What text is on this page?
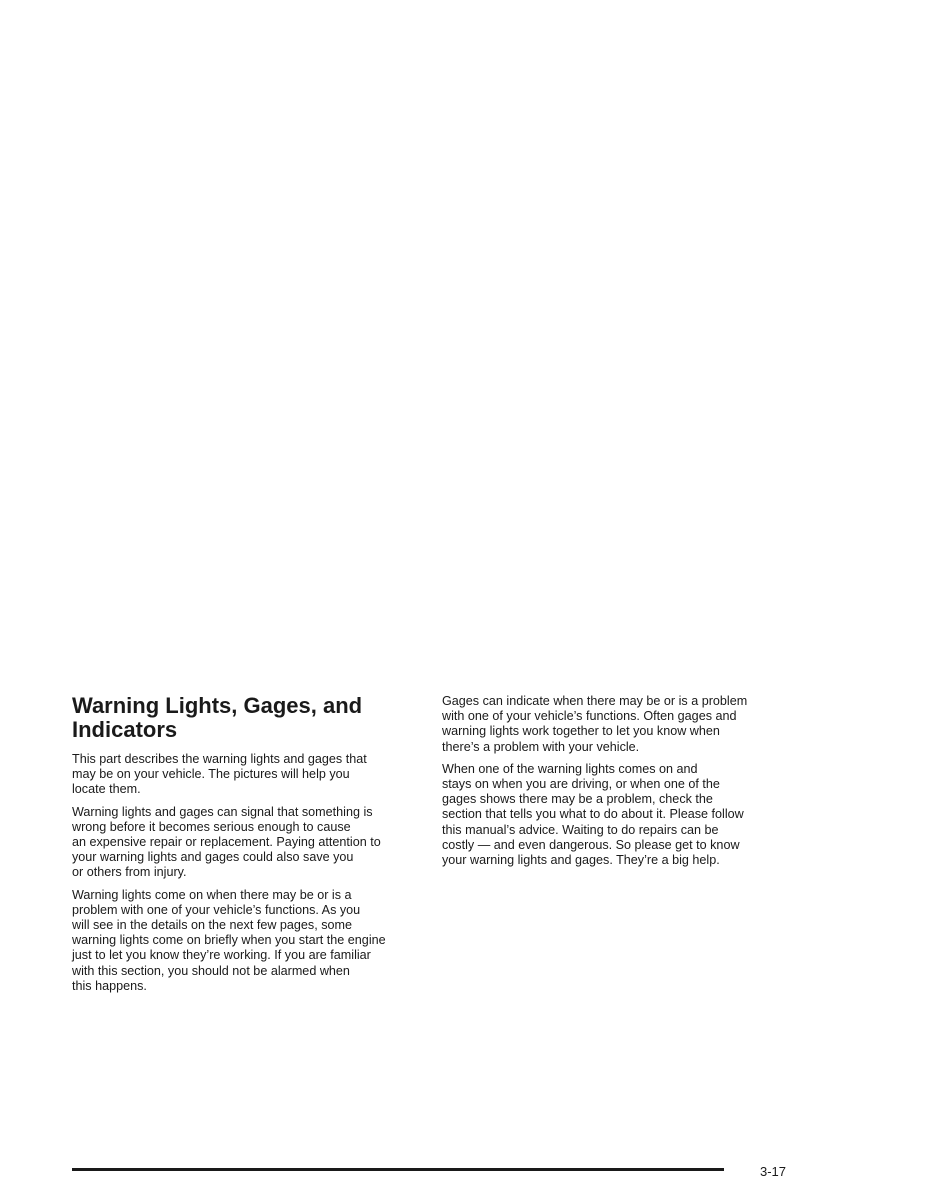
Warning Lights, Gages, and
Indicators

This part describes the warning lights and gages that
may be on your vehicle. The pictures will help you
locate them.

Warning lights and gages can signal that something is
wrong before it becomes serious enough to cause
an expensive repair or replacement. Paying attention to
your warning lights and gages could also save you
or others from injury.

Warning lights come on when there may be or is a
problem with one of your vehicle’s functions. As you
will see in the details on the next few pages, some
warning lights come on briefly when you start the engine
just to let you know they’re working. If you are familiar
with this section, you should not be alarmed when
this happens.

Gages can indicate when there may be or is a problem
with one of your vehicle’s functions. Often gages and
warning lights work together to let you know when
there’s a problem with your vehicle.

When one of the warning lights comes on and
stays on when you are driving, or when one of the
gages shows there may be a problem, check the
section that tells you what to do about it. Please follow
this manual’s advice. Waiting to do repairs can be
costly — and even dangerous. So please get to know
your warning lights and gages. They’re a big help.

3-17
